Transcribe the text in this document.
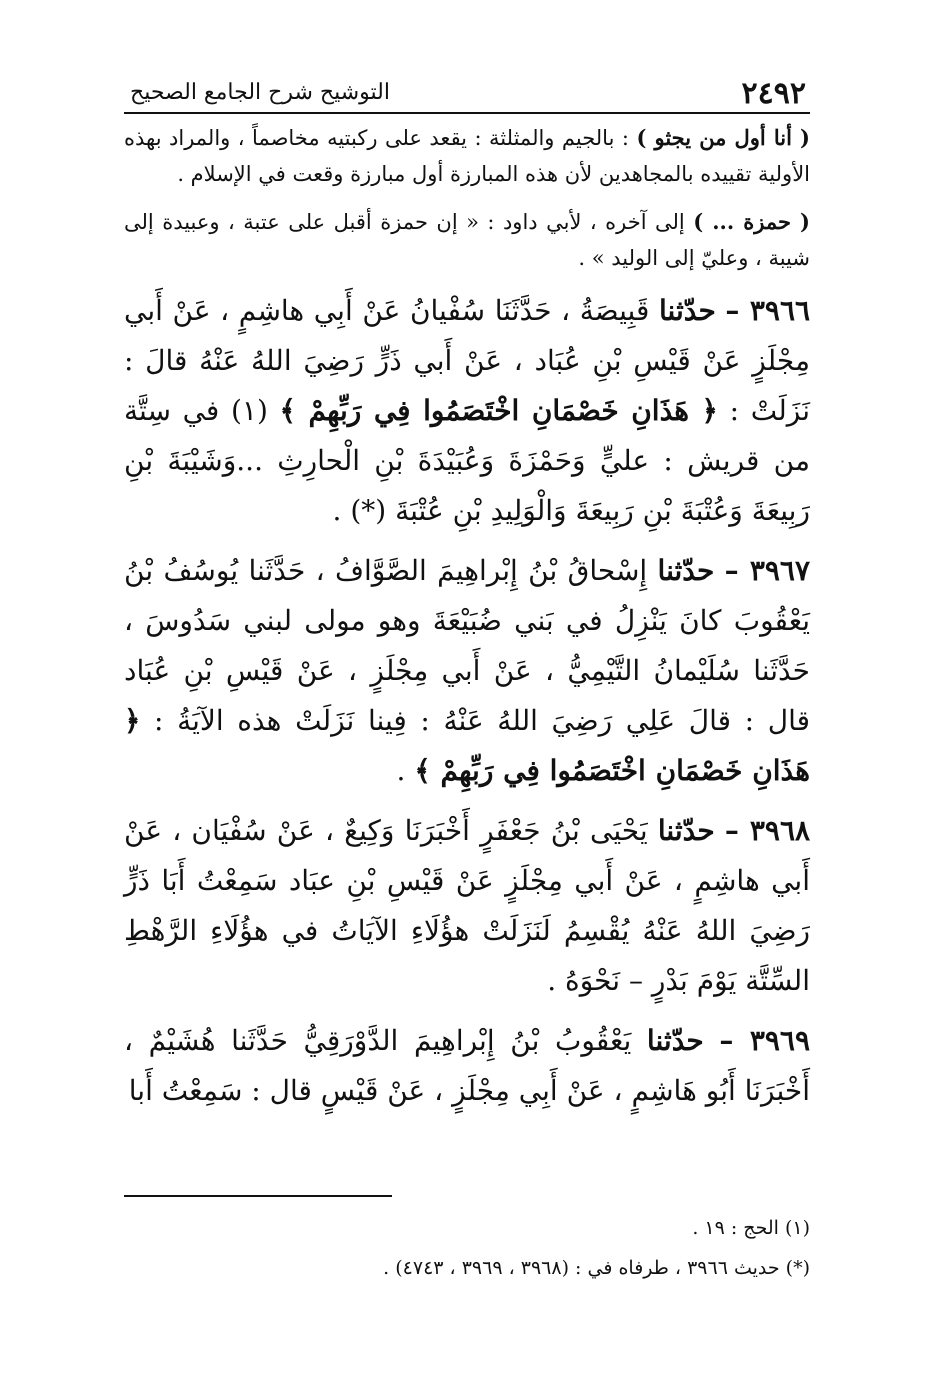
٢٤٩٢
التوشيح شرح الجامع الصحيح

( أنا أول من يجثو ) : بالجيم والمثلثة : يقعد على ركبتيه مخاصماً ، والمراد بهذه الأولية تقييده بالمجاهدين لأن هذه المبارزة أول مبارزة وقعت في الإسلام .

( حمزة ... ) إلى آخره ، لأبي داود : « إن حمزة أقبل على عتبة ، وعبيدة إلى شيبة ، وعليّ إلى الوليد » .

٣٩٦٦ – حدّثنا قَبِيصَةُ ، حَدَّثَنَا سُفْيانُ عَنْ أَبِي هاشِمٍ ، عَنْ أَبي مِجْلَزٍ عَنْ قَيْسِ بْنِ عُبَاد ، عَنْ أَبي ذَرٍّ رَضِيَ اللهُ عَنْهُ قالَ : نَزَلَتْ : ﴿ هَذَانِ خَصْمَانِ اخْتَصَمُوا فِي رَبِّهِمْ ﴾ (١) في سِتَّة من قريش : عليٍّ وَحَمْزَةَ وَعُبَيْدَةَ بْنِ الْحارِثِ ...وَشَيْبَةَ بْنِ رَبِيعَةَ وَعُتْبَةَ بْنِ رَبِيعَةَ وَالْوَلِيدِ بْنِ عُتْبَةَ (*) .

٣٩٦٧ – حدّثنا إِسْحاقُ بْنُ إِبْراهِيمَ الصَّوَّافُ ، حَدَّثَنا يُوسُفُ بْنُ يَعْقُوبَ كانَ يَنْزِلُ في بَني ضُبَيْعَةَ وهو مولى لبني سَدُوسَ ، حَدَّثَنا سُلَيْمانُ التَّيْمِيُّ ، عَنْ أَبي مِجْلَزٍ ، عَنْ قَيْسِ بْنِ عُبَاد قال : قالَ عَلِي رَضِيَ اللهُ عَنْهُ : فِينا نَزَلَتْ هذه الآيَةُ : ﴿ هَذَانِ خَصْمَانِ اخْتَصَمُوا فِي رَبِّهِمْ ﴾ .

٣٩٦٨ – حدّثنا يَحْيَى بْنُ جَعْفَرٍ أَخْبَرَنَا وَكِيعٌ ، عَنْ سُفْيَان ، عَنْ أَبي هاشِمٍ ، عَنْ أَبي مِجْلَزٍ عَنْ قَيْسِ بْنِ عبَاد سَمِعْتُ أَبَا ذَرٍّ رَضِيَ اللهُ عَنْهُ يُقْسِمُ لَنَزَلَتْ هؤُلَاءِ الآيَاتُ في هؤُلَاءِ الرَّهْطِ السِّتَّة يَوْمَ بَدْرٍ – نَحْوَهُ .

٣٩٦٩ – حدّثنا يَعْقُوبُ بْنُ إِبْراهِيمَ الدَّوْرَقِيُّ حَدَّثَنا هُشَيْمٌ ، أَخْبَرَنَا أَبُو هَاشِمٍ ، عَنْ أَبِي مِجْلَزٍ ، عَنْ قَيْسٍ قال : سَمِعْتُ أَبا

(١) الحج : ١٩ .

(*) حديث ٣٩٦٦ ، طرفاه في : (٣٩٦٨ ، ٣٩٦٩ ، ٤٧٤٣) .
